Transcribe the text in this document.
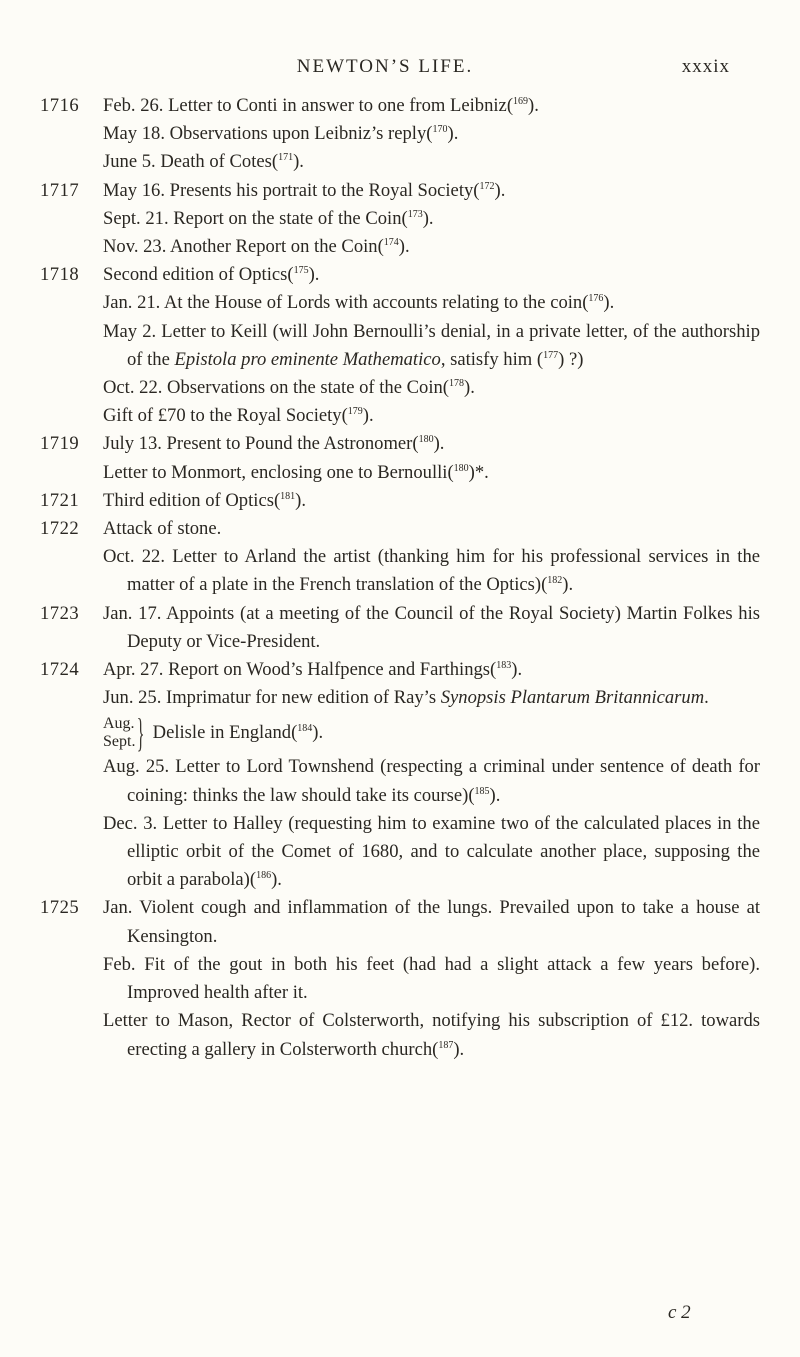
NEWTON’S LIFE.	xxxix
1716	Feb. 26. Letter to Conti in answer to one from Leibniz($^{169}$).
May 18. Observations upon Leibniz’s reply($^{170}$).
June 5. Death of Cotes($^{171}$).
1717	May 16. Presents his portrait to the Royal Society($^{172}$).
Sept. 21. Report on the state of the Coin($^{173}$).
Nov. 23. Another Report on the Coin($^{174}$).
1718	Second edition of Optics($^{175}$).
Jan. 21. At the House of Lords with accounts relating to the coin($^{176}$).
May 2. Letter to Keill (will John Bernoulli’s denial, in a private letter, of the authorship of the Epistola pro eminente Mathematico, satisfy him ($^{177}$) ?)
Oct. 22. Observations on the state of the Coin($^{178}$).
Gift of £70 to the Royal Society($^{179}$).
1719	July 13. Present to Pound the Astronomer($^{180}$).
Letter to Monmort, enclosing one to Bernoulli($^{180}$)*.
1721	Third edition of Optics($^{181}$).
1722	Attack of stone.
Oct. 22. Letter to Arland the artist (thanking him for his professional services in the matter of a plate in the French translation of the Optics)($^{182}$).
1723	Jan. 17. Appoints (at a meeting of the Council of the Royal Society) Martin Folkes his Deputy or Vice-President.
1724	Apr. 27. Report on Wood’s Halfpence and Farthings($^{183}$).
Jun. 25. Imprimatur for new edition of Ray’s Synopsis Plantarum Britannicarum.
Aug.
Sept. } Delisle in England($^{184}$).
Aug. 25. Letter to Lord Townshend (respecting a criminal under sentence of death for coining: thinks the law should take its course)($^{185}$).
Dec. 3. Letter to Halley (requesting him to examine two of the calculated places in the elliptic orbit of the Comet of 1680, and to calculate another place, supposing the orbit a parabola)($^{186}$).
1725	Jan. Violent cough and inflammation of the lungs. Prevailed upon to take a house at Kensington.
Feb. Fit of the gout in both his feet (had had a slight attack a few years before). Improved health after it.
Letter to Mason, Rector of Colsterworth, notifying his subscription of £12. towards erecting a gallery in Colsterworth church($^{187}$).
c 2
